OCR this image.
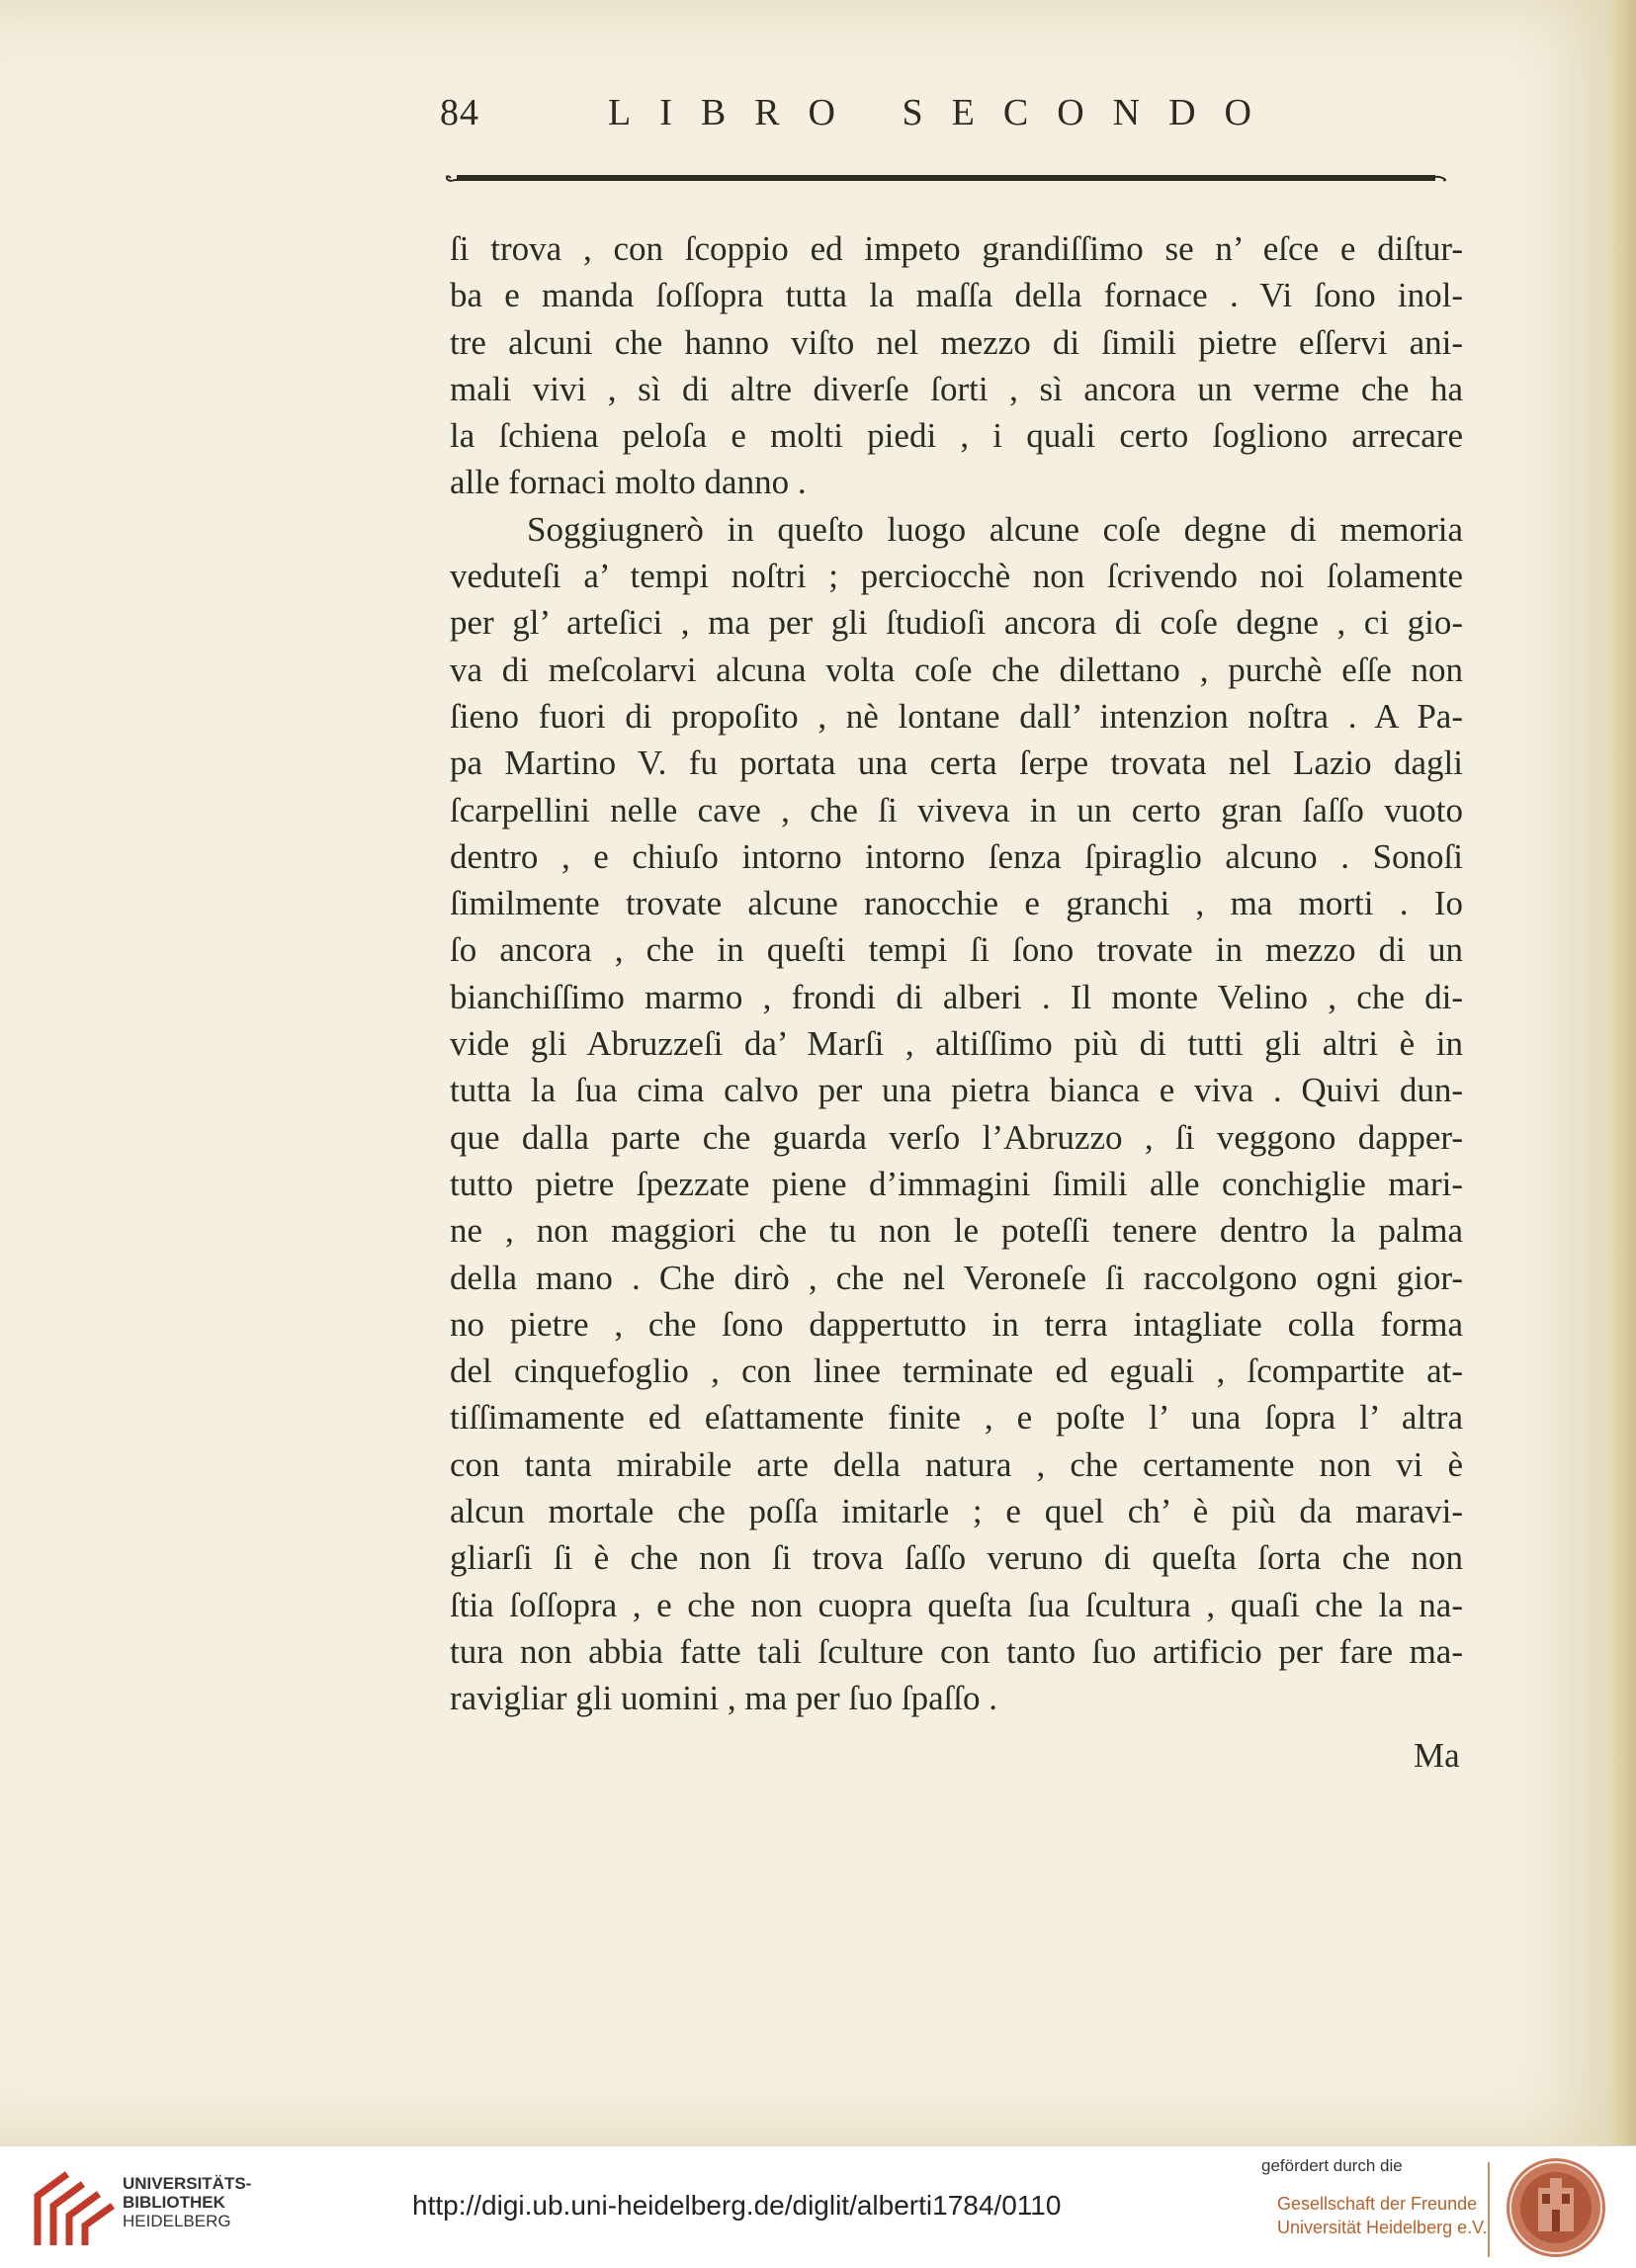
84	LIBRO SECONDO
ſi trova , con ſcoppio ed impeto grandiſſimo se n’ eſce e diſtur-
ba e manda ſoſſopra tutta la maſſa della fornace . Vi ſono inol-
tre alcuni che hanno viſto nel mezzo di ſimili pietre eſſervi ani-
mali vivi , sì di altre diverſe ſorti , sì ancora un verme che ha
la ſchiena peloſa e molti piedi , i quali certo ſogliono arrecare
alle fornaci molto danno .
Soggiugnerò in queſto luogo alcune coſe degne di memoria
veduteſi a’ tempi noſtri ; perciocchè non ſcrivendo noi ſolamente
per gl’ arteſici , ma per gli ſtudioſi ancora di coſe degne , ci gio-
va di meſcolarvi alcuna volta coſe che dilettano , purchè eſſe non
ſieno fuori di propoſito , nè lontane dall’ intenzion noſtra . A Pa-
pa Martino V. fu portata una certa ſerpe trovata nel Lazio dagli
ſcarpellini nelle cave , che ſi viveva in un certo gran ſaſſo vuoto
dentro , e chiuſo intorno intorno ſenza ſpiraglio alcuno . Sonoſi
ſimilmente trovate alcune ranocchie e granchi , ma morti . Io
ſo ancora , che in queſti tempi ſi ſono trovate in mezzo di un
bianchiſſimo marmo , frondi di alberi . Il monte Velino , che di-
vide gli Abruzzeſi da’ Marſi , altiſſimo più di tutti gli altri è in
tutta la ſua cima calvo per una pietra bianca e viva . Quivi dun-
que dalla parte che guarda verſo l’Abruzzo , ſi veggono dapper-
tutto pietre ſpezzate piene d’immagini ſimili alle conchiglie mari-
ne , non maggiori che tu non le poteſſi tenere dentro la palma
della mano . Che dirò , che nel Veroneſe ſi raccolgono ogni gior-
no pietre , che ſono dappertutto in terra intagliate colla forma
del cinquefoglio , con linee terminate ed eguali , ſcompartite at-
tiſſimamente ed eſattamente finite , e poſte l’ una ſopra l’ altra
con tanta mirabile arte della natura , che certamente non vi è
alcun mortale che poſſa imitarle ; e quel ch’ è più da maravi-
gliarſi ſi è che non ſi trova ſaſſo veruno di queſta ſorta che non
ſtia ſoſſopra , e che non cuopra queſta ſua ſcultura , quaſi che la na-
tura non abbia fatte tali ſculture con tanto ſuo artificio per fare ma-
ravigliar gli uomini , ma per ſuo ſpaſſo .
Ma
UNIVERSITÄTS-
BIBLIOTHEK
HEIDELBERG
http://digi.ub.uni-heidelberg.de/diglit/alberti1784/0110
gefördert durch die
Gesellschaft der Freunde
Universität Heidelberg e.V.
